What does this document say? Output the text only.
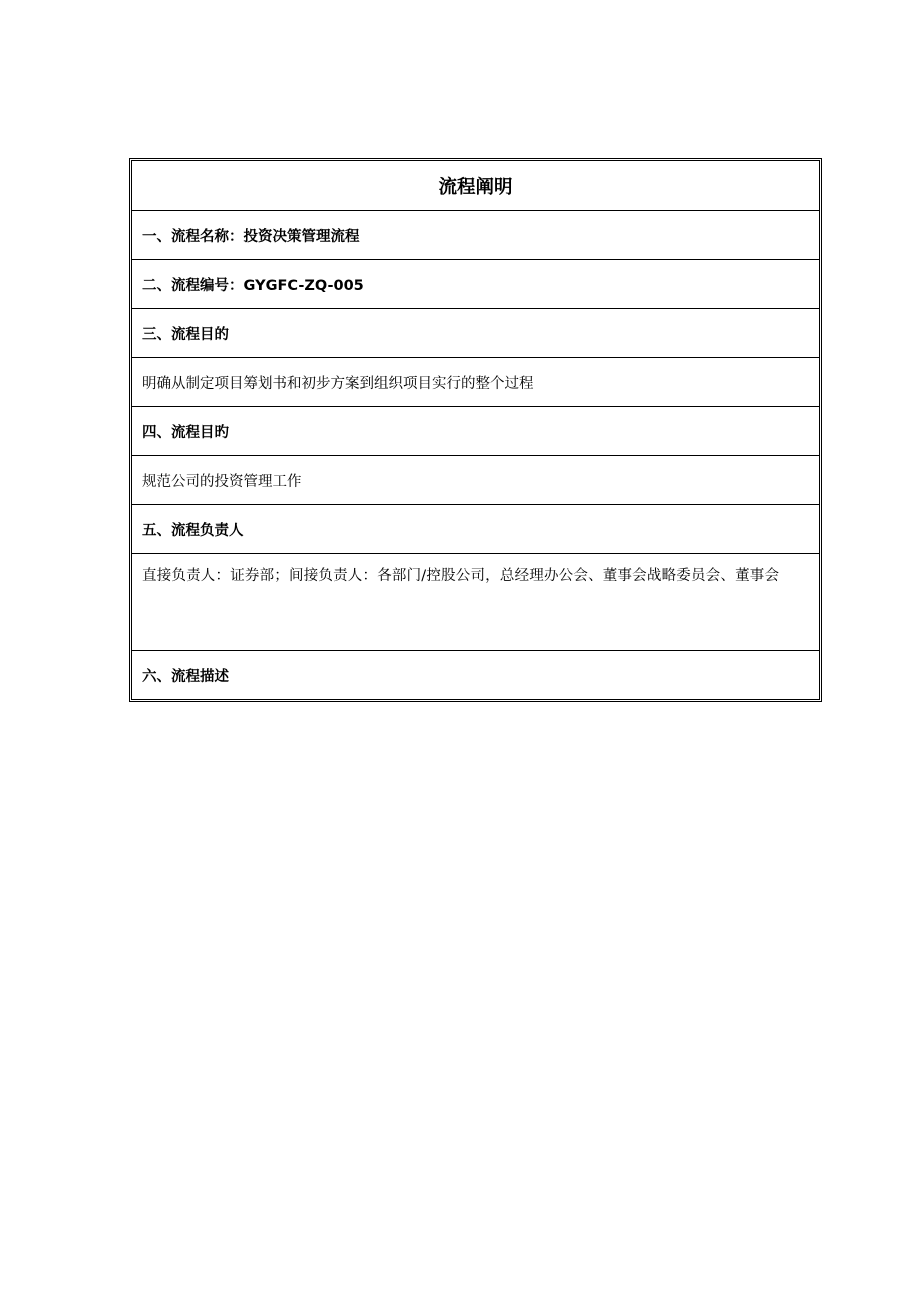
流程阐明
一、流程名称：投资决策管理流程
二、流程编号：GYGFC-ZQ-005
三、流程目的
明确从制定项目筹划书和初步方案到组织项目实行的整个过程
四、流程目旳
规范公司的投资管理工作
五、流程负责人
直接负责人：证券部；间接负责人：各部门/控股公司，总经理办公会、董事会战略委员会、董事会
六、流程描述
